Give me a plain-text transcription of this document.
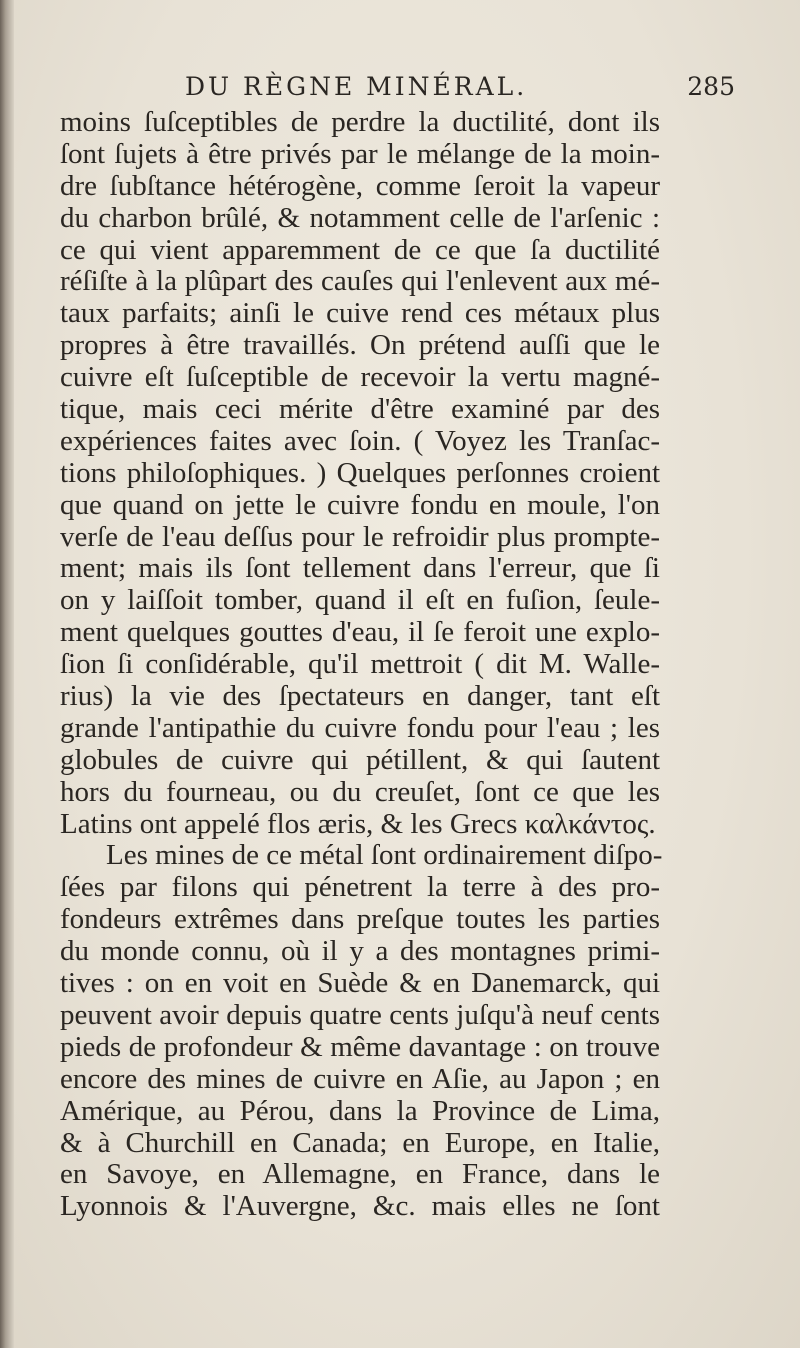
DU RÈGNE MINÉRAL.	285
moins ſuſceptibles de perdre la ductilité, dont ils
ſont ſujets à être privés par le mélange de la moin-
dre ſubſtance hétérogène, comme ſeroit la vapeur
du charbon brûlé, & notamment celle de l'arſenic :
ce qui vient apparemment de ce que ſa ductilité
réſiſte à la plûpart des cauſes qui l'enlevent aux mé-
taux parfaits; ainſi le cuive rend ces métaux plus
propres à être travaillés. On prétend auſſi que le
cuivre eſt ſuſceptible de recevoir la vertu magné-
tique, mais ceci mérite d'être examiné par des
expériences faites avec ſoin. ( Voyez les Tranſac-
tions philoſophiques. ) Quelques perſonnes croient
que quand on jette le cuivre fondu en moule, l'on
verſe de l'eau deſſus pour le refroidir plus prompte-
ment; mais ils ſont tellement dans l'erreur, que ſi
on y laiſſoit tomber, quand il eſt en fuſion, ſeule-
ment quelques gouttes d'eau, il ſe feroit une explo-
ſion ſi conſidérable, qu'il mettroit ( dit M. Walle-
rius) la vie des ſpectateurs en danger, tant eſt
grande l'antipathie du cuivre fondu pour l'eau ; les
globules de cuivre qui pétillent, & qui ſautent
hors du fourneau, ou du creuſet, ſont ce que les
Latins ont appelé flos æris, & les Grecs καλκάντος.
Les mines de ce métal ſont ordinairement diſpo-
ſées par filons qui pénetrent la terre à des pro-
fondeurs extrêmes dans preſque toutes les parties
du monde connu, où il y a des montagnes primi-
tives : on en voit en Suède & en Danemarck, qui
peuvent avoir depuis quatre cents juſqu'à neuf cents
pieds de profondeur & même davantage : on trouve
encore des mines de cuivre en Aſie, au Japon ; en
Amérique, au Pérou, dans la Province de Lima,
& à Churchill en Canada; en Europe, en Italie,
en Savoye, en Allemagne, en France, dans le
Lyonnois & l'Auvergne, &c. mais elles ne ſont
